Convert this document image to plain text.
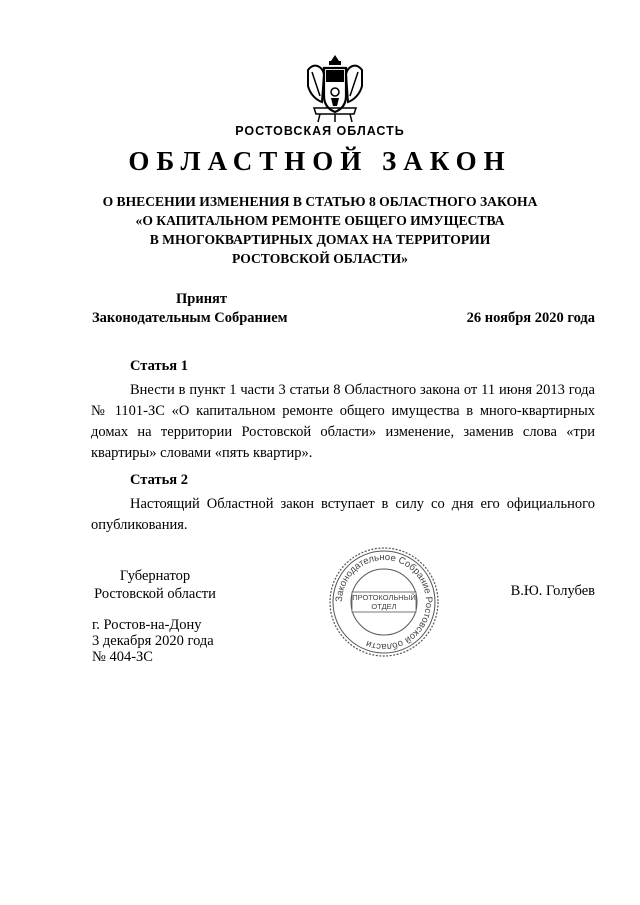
РОСТОВСКАЯ ОБЛАСТЬ
ОБЛАСТНОЙ ЗАКОН
О ВНЕСЕНИИ ИЗМЕНЕНИЯ В СТАТЬЮ 8 ОБЛАСТНОГО ЗАКОНА
«О КАПИТАЛЬНОМ РЕМОНТЕ ОБЩЕГО ИМУЩЕСТВА
В МНОГОКВАРТИРНЫХ ДОМАХ НА ТЕРРИТОРИИ
РОСТОВСКОЙ ОБЛАСТИ»
Принят
Законодательным Собранием	26 ноября 2020 года
Статья 1
Внести в пункт 1 части 3 статьи 8 Областного закона от 11 июня 2013 года № 1101-ЗС «О капитальном ремонте общего имущества в много-квартирных домах на территории Ростовской области» изменение, заменив слова «три квартиры» словами «пять квартир».
Статья 2
Настоящий Областной закон вступает в силу со дня его официального опубликования.
Губернатор
Ростовской области	Законодательное Собрание Ростовской области
ПРОТОКОЛЬНЫЙ
ОТДЕЛ
В.Ю. Голубев
г. Ростов-на-Дону
3 декабря 2020 года
№ 404-ЗС
